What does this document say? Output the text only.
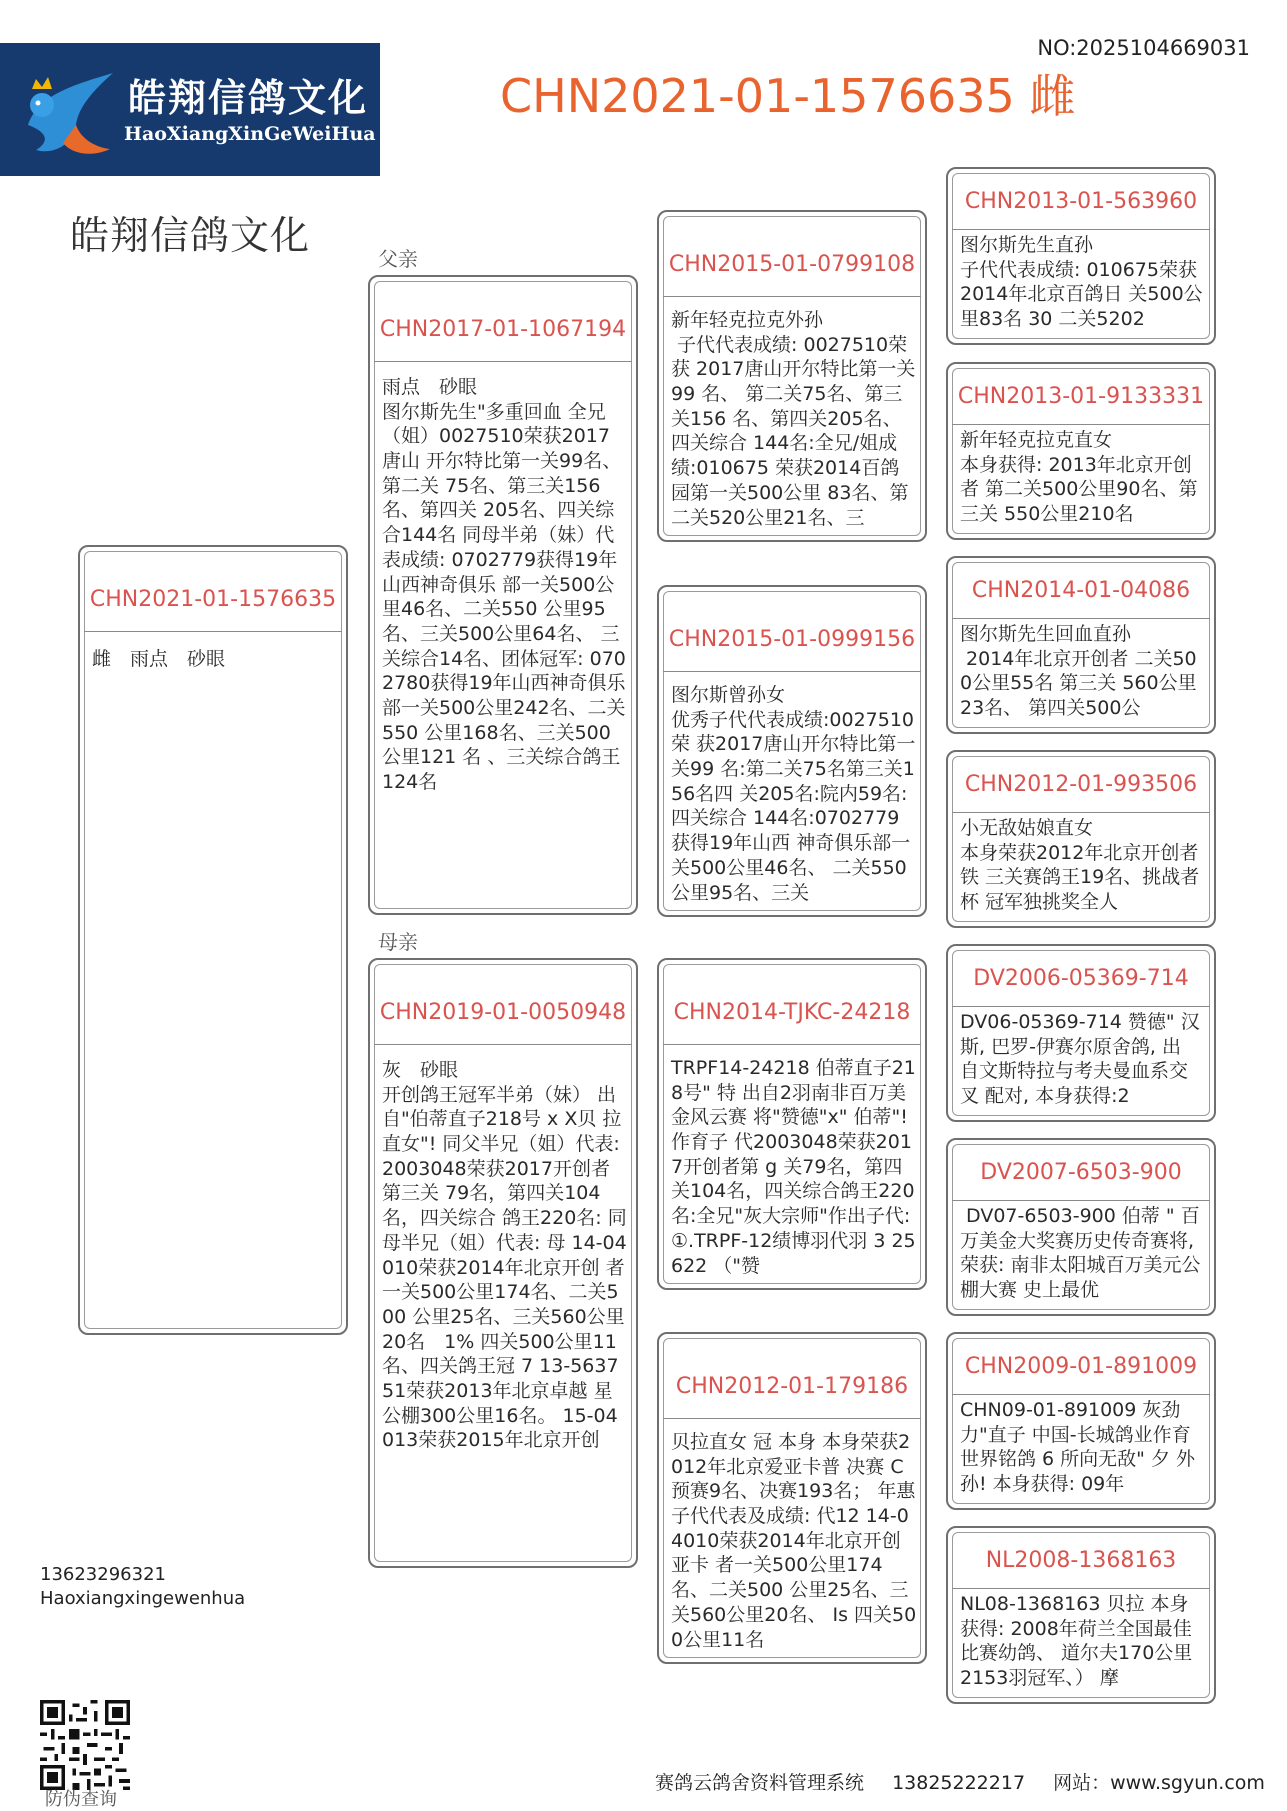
皓翔信鸽文化
HaoXiangXinGeWeiHua
NO:2025104669031
CHN2021-01-1576635 雌
皓翔信鸽文化	父亲
母亲
CHN2021-01-1576635
雌　雨点　砂眼
CHN2017-01-1067194
雨点　砂眼
图尔斯先生"多重回血 全兄（姐）0027510荣获2017唐山 开尔特比第一关99名、第二关 75名、第三关156名、第四关 205名、四关综合144名 同母半弟（妹）代表成绩: 0702779获得19年山西神奇俱乐 部一关500公里46名、二关550 公里95名、三关500公里64名、 三关综合14名、团体冠军: 0702780获得19年山西神奇俱乐 部一关500公里242名、二关550 公里168名、三关500公里121 名 、三关综合鸽王124名
CHN2019-01-0050948
灰　砂眼
开创鸽王冠军半弟（妹） 出自"伯蒂直子218号 x X贝 拉直女"! 同父半兄（姐）代表: 2003048荣获2017开创者第三关 79名，第四关104名，四关综合 鸽王220名: 同母半兄（姐）代表: 母 14-04010荣获2014年北京开创 者一关500公里174名、二关500 公里25名、三关560公里20名　1% 四关500公里11名、四关鸽王冠 7 13-563751荣获2013年北京卓越 星公棚300公里16名。 15-04013荣获2015年北京开创
CHN2015-01-0799108
新年轻克拉克外孙
子代代表成绩: 0027510荣获 2017唐山开尔特比第一关99 名、 第二关75名、第三关156 名、第四关205名、四关综合 144名:全兄/姐成绩:010675 荣获2014百鸽园第一关500公里 83名、第二关520公里21名、三
CHN2015-01-0999156
图尔斯曾孙女
优秀子代代表成绩:0027510荣 获2017唐山开尔特比第一关99 名:第二关75名第三关156名四 关205名:院内59名:四关综合 144名:0702779获得19年山西 神奇俱乐部一关500公里46名、 二关550公里95名、三关
CHN2014-TJKC-24218
TRPF14-24218 伯蒂直子218号" 特 出自2羽南非百万美金风云赛 将"赞德"x" 伯蒂"!作育子 代2003048荣获2017开创者第 g 关79名，第四关104名，四关综合鸽王220名:全兄"灰大宗师"作出子代:①.TRPF-12绩博羽代羽 3 25622 （"赞
CHN2012-01-179186
贝拉直女 冠 本身 本身荣获2012年北京爱亚卡普 决赛 C 预赛9名、决赛193名； 年惠 子代代表及成绩: 代12 14-04010荣获2014年北京开创 亚卡 者一关500公里174名、二关500 公里25名、三关560公里20名、 Is 四关500公里11名
CHN2013-01-563960
图尔斯先生直孙
子代代表成绩: 010675荣获2014年北京百鸽日 关500公里83名 30 二关5202
CHN2013-01-9133331
新年轻克拉克直女
本身获得: 2013年北京开创者 第二关500公里90名、第三关 550公里210名
CHN2014-01-04086
图尔斯先生回血直孙
2014年北京开创者 二关500公里55名 第三关 560公里23名、 第四关500公
CHN2012-01-993506
小无敌姑娘直女
本身荣获2012年北京开创者铁 三关赛鸽王19名、挑战者杯 冠军独挑奖全人
DV2006-05369-714
DV06-05369-714 赞德" 汉斯, 巴罗-伊赛尔原舍鸽, 出 自文斯特拉与考夫曼血系交叉 配对, 本身获得:2
DV2007-6503-900
DV07-6503-900 伯蒂 " 百万美金大奖赛历史传奇赛将, 荣获: 南非太阳城百万美元公棚大赛 史上最优
CHN2009-01-891009
CHN09-01-891009 灰劲力"直子 中国-长城鸽业作育 世界铭鸽 6 所向无敌" 夕 外孙! 本身获得: 09年
NL2008-1368163
NL08-1368163 贝拉 本身获得: 2008年荷兰全国最佳比赛幼鸽、 道尔夫170公里 2153羽冠军、） 摩
13623296321
Haoxiangxingewenhua
防伪查询
赛鸽云鸽舍资料管理系统 13825222217 网站：www.sgyun.com
